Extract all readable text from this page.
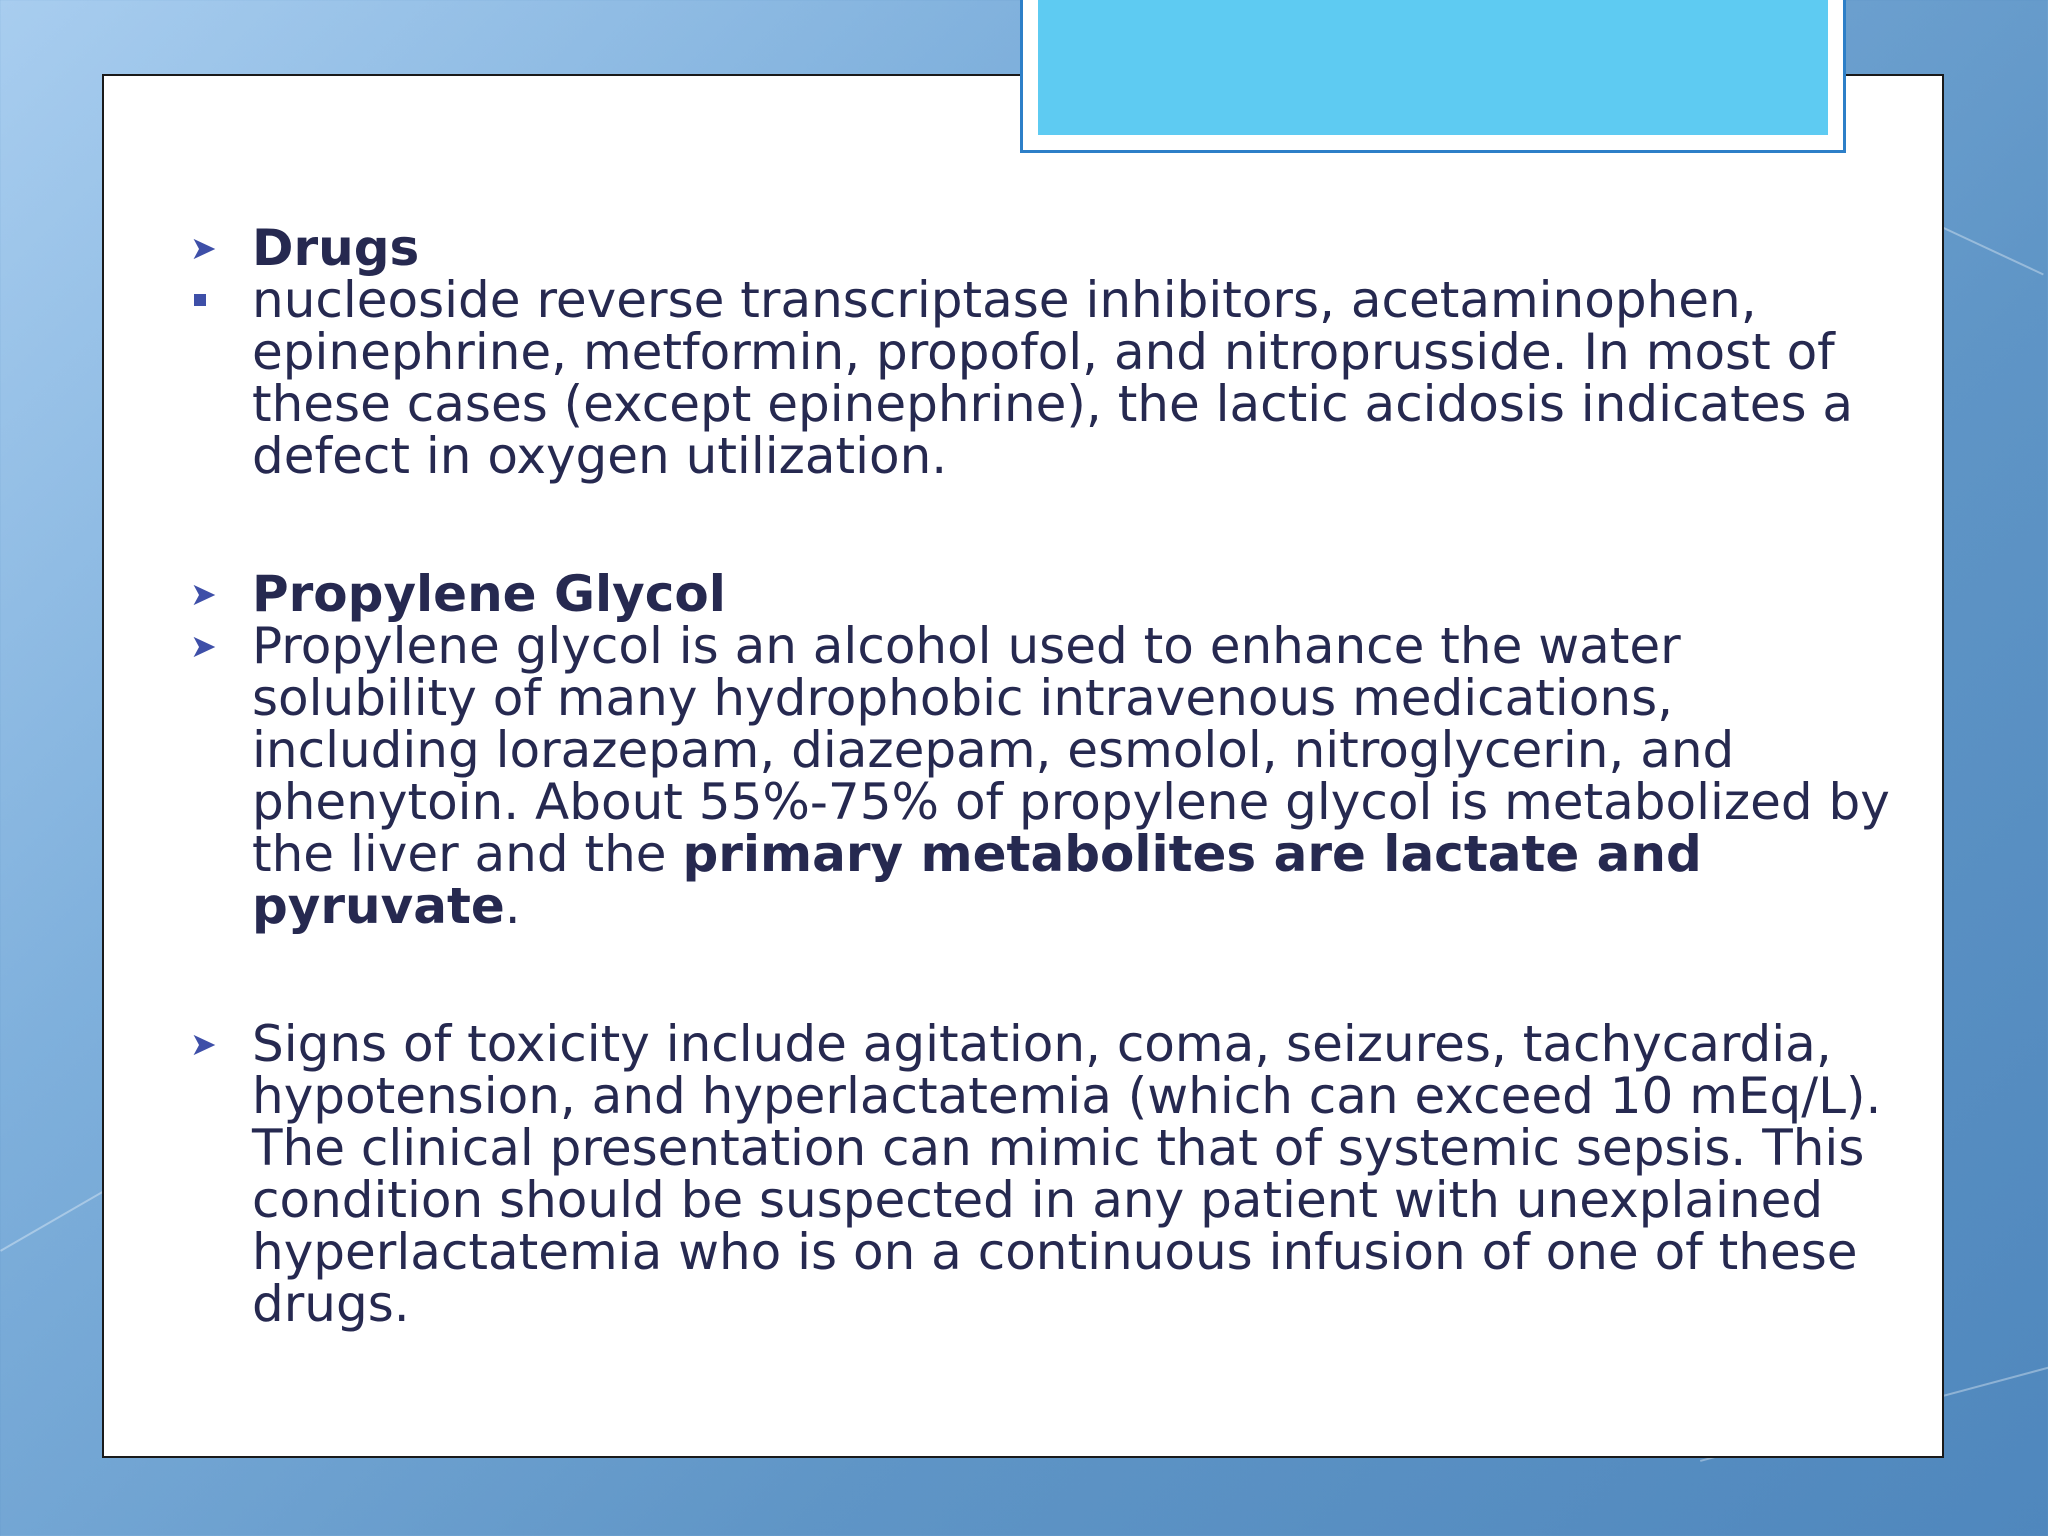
➤ Drugs
nucleoside reverse transcriptase inhibitors, acetaminophen, epinephrine, metformin, propofol, and nitroprusside. In most of these cases (except epinephrine), the lactic acidosis indicates a defect in oxygen utilization.
➤ Propylene Glycol
➤ Propylene glycol is an alcohol used to enhance the water solubility of many hydrophobic intravenous medications, including lorazepam, diazepam, esmolol, nitroglycerin, and phenytoin. About 55%-75% of propylene glycol is metabolized by the liver and the primary metabolites are lactate and pyruvate.
➤ Signs of toxicity include agitation, coma, seizures, tachycardia, hypotension, and hyperlactatemia (which can exceed 10 mEq/L). The clinical presentation can mimic that of systemic sepsis. This condition should be suspected in any patient with unexplained hyperlactatemia who is on a continuous infusion of one of these drugs.
